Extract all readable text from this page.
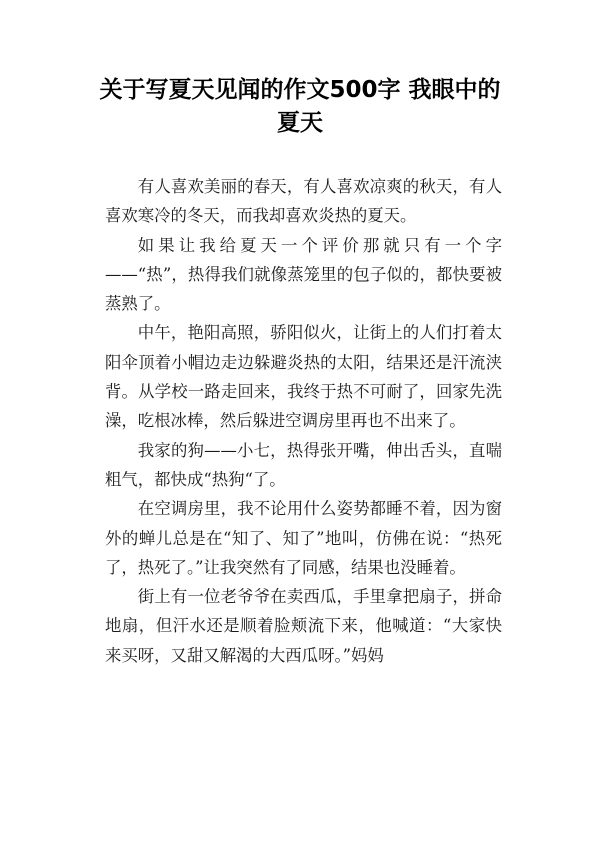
关于写夏天见闻的作文500字 我眼中的夏天

有人喜欢美丽的春天，有人喜欢凉爽的秋天，有人喜欢寒冷的冬天，而我却喜欢炎热的夏天。

如果让我给夏天一个评价那就只有一个字——“热”，热得我们就像蒸笼里的包子似的，都快要被蒸熟了。

中午，艳阳高照，骄阳似火，让街上的人们打着太阳伞顶着小帽边走边躲避炎热的太阳，结果还是汗流浃背。从学校一路走回来，我终于热不可耐了，回家先洗澡，吃根冰棒，然后躲进空调房里再也不出来了。

我家的狗——小七，热得张开嘴，伸出舌头，直喘粗气，都快成“热狗“了。

在空调房里，我不论用什么姿势都睡不着，因为窗外的蝉儿总是在“知了、知了”地叫，仿佛在说：“热死了，热死了。”让我突然有了同感，结果也没睡着。

街上有一位老爷爷在卖西瓜，手里拿把扇子，拼命地扇，但汗水还是顺着脸颊流下来，他喊道：“大家快来买呀，又甜又解渴的大西瓜呀。”妈妈
